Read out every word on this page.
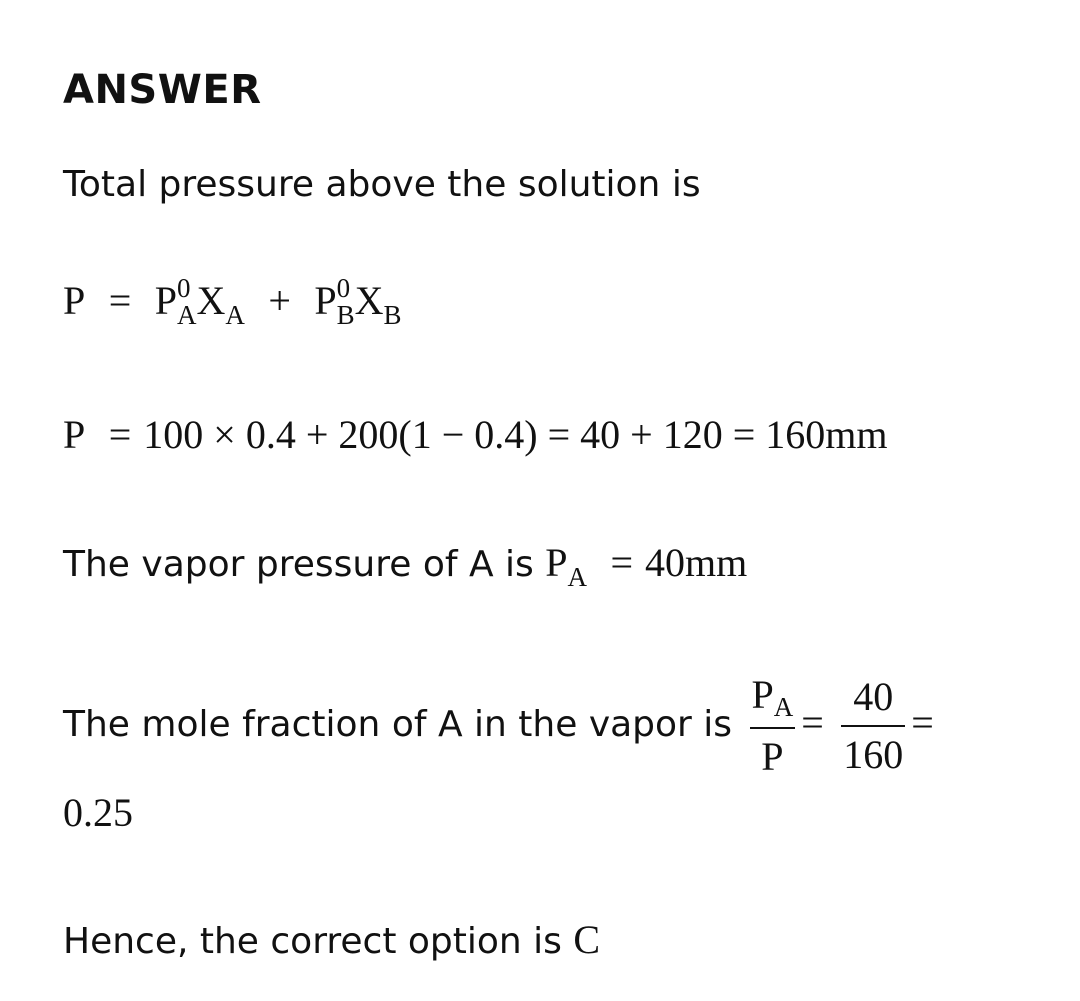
ANSWER
Total pressure above the solution is
P = P 0
A $X_A + P$ 0
B $X_B$
P = 100 × 0.4 + 200(1 − 0.4) = 40 + 120 = 160mm
The vapor pressure of A is $P_A = 40mm$
The mole fraction of A in the vapor is $\frac{P_A}{P} = \frac{40}{160}$ =
0.25
Hence, the correct option is C
